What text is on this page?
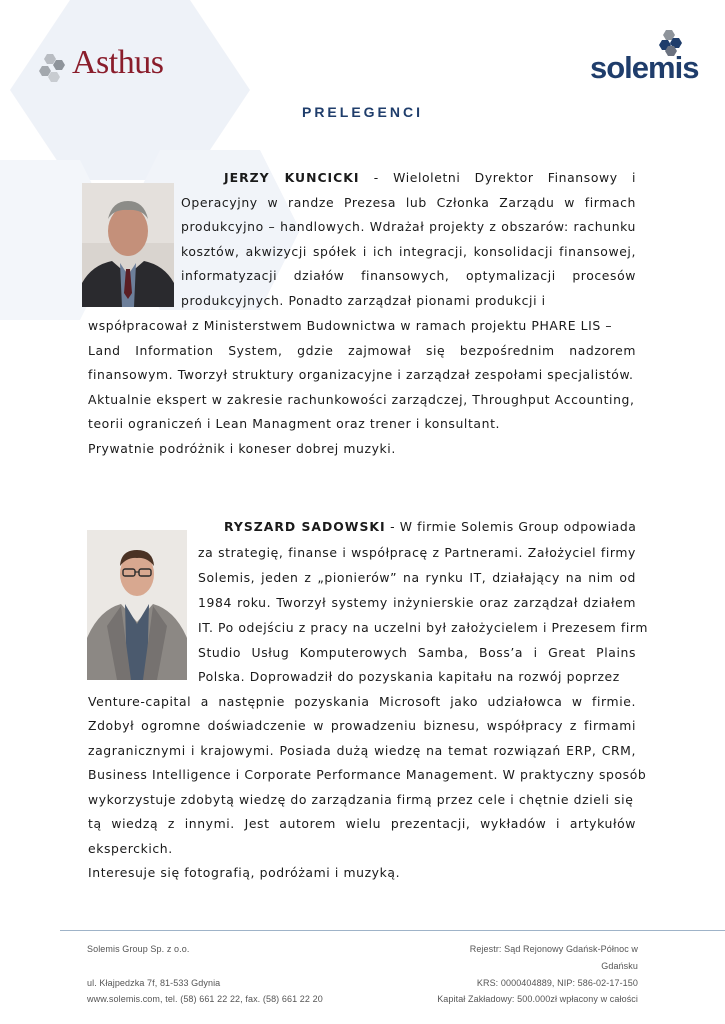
Asthus	solemis
PRELEGENCI
JERZY KUNCICKI - Wieloletni Dyrektor Finansowy i
Operacyjny w randze Prezesa lub Członka Zarządu w firmach
produkcyjno – handlowych. Wdrażał projekty z obszarów: rachunku
kosztów, akwizycji spółek i ich integracji, konsolidacji finansowej,
informatyzacji działów finansowych, optymalizacji procesów
produkcyjnych. Ponadto zarządzał pionami produkcji i
współpracował z Ministerstwem Budownictwa w ramach projektu PHARE LIS –
Land Information System, gdzie zajmował się bezpośrednim nadzorem
finansowym. Tworzył struktury organizacyjne i zarządzał zespołami specjalistów.
Aktualnie ekspert w zakresie rachunkowości zarządczej, Throughput Accounting,
teorii ograniczeń i Lean Managment oraz trener i konsultant.
Prywatnie podróżnik i koneser dobrej muzyki.
RYSZARD SADOWSKI - W firmie Solemis Group odpowiada
za strategię, finanse i współpracę z Partnerami. Założyciel firmy
Solemis, jeden z „pionierów” na rynku IT, działający na nim od
1984 roku. Tworzył systemy inżynierskie oraz zarządzał działem
IT. Po odejściu z pracy na uczelni był założycielem i Prezesem firm
Studio Usług Komputerowych Samba, Boss’a i Great Plains
Polska. Doprowadził do pozyskania kapitału na rozwój poprzez
Venture-capital a następnie pozyskania Microsoft jako udziałowca w firmie.
Zdobył ogromne doświadczenie w prowadzeniu biznesu, współpracy z firmami
zagranicznymi i krajowymi. Posiada dużą wiedzę na temat rozwiązań ERP, CRM,
Business Intelligence i Corporate Performance Management. W praktyczny sposób
wykorzystuje zdobytą wiedzę do zarządzania firmą przez cele i chętnie dzieli się
tą wiedzą z innymi. Jest autorem wielu prezentacji, wykładów i artykułów
eksperckich.
Interesuje się fotografią, podróżami i muzyką.
Solemis Group Sp. z o.o.
ul. Kłajpedzka 7f, 81-533 Gdynia
www.solemis.com, tel. (58) 661 22 22, fax. (58) 661 22 20
Rejestr: Sąd Rejonowy Gdańsk-Północ w
Gdańsku
KRS: 0000404889, NIP: 586-02-17-150
Kapitał Zakładowy: 500.000zł wpłacony w całości
